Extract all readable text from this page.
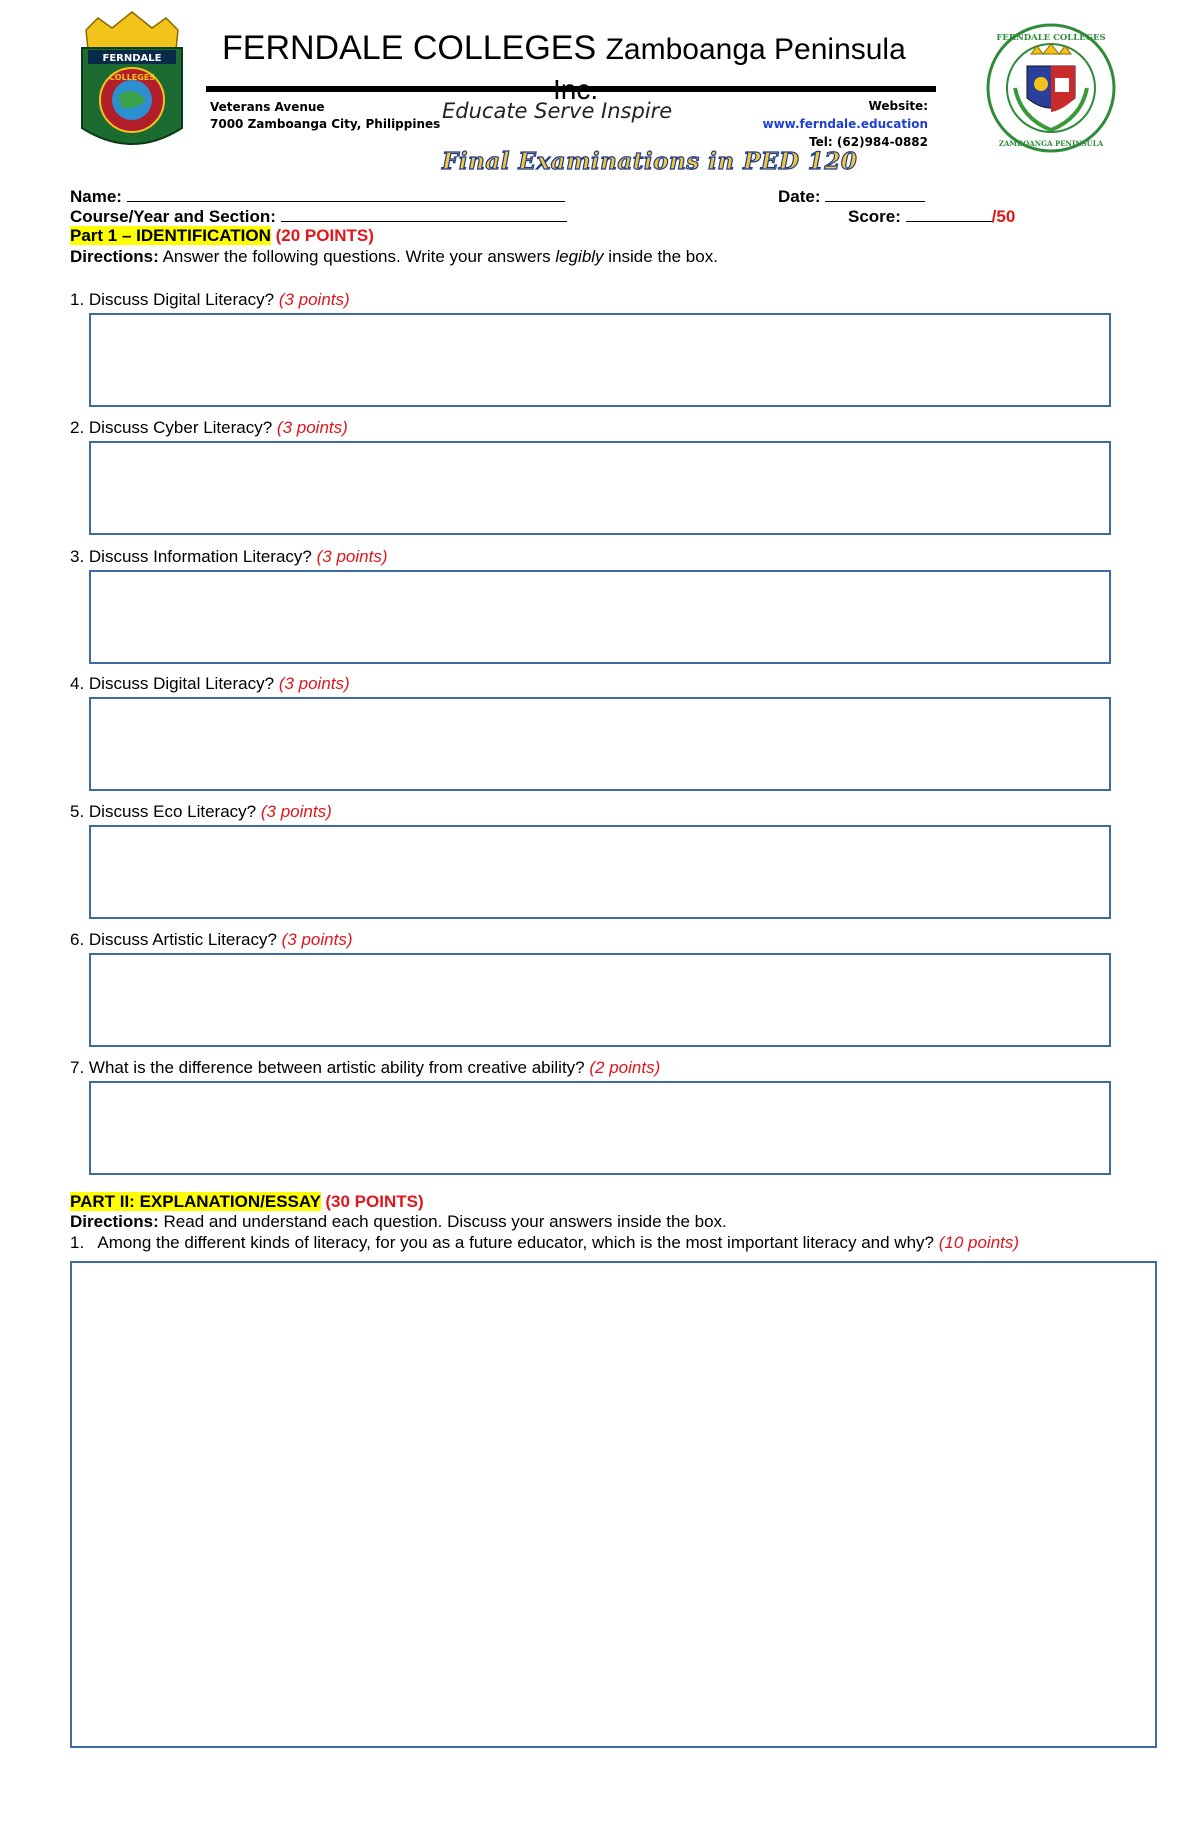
FERNDALE
COLLEGES
FERNDALE COLLEGES Zamboanga Peninsula
Veterans Avenue
7000 Zamboanga City, Philippines
Educate Serve Inspire	Website: www.ferndale.education
Tel: (62)984-0882
FERNDALE COLLEGES
ZAMBOANGA PENINSULA
Final Examinations in PED 120
Name:	Date:
Course/Year and Section:	Score:	/50
Part 1 – IDENTIFICATION (20 POINTS)
Directions: Answer the following questions. Write your answers legibly inside the box.
1. Discuss Digital Literacy? (3 points)
2. Discuss Cyber Literacy? (3 points)
3. Discuss Information Literacy? (3 points)
4. Discuss Digital Literacy? (3 points)
5. Discuss Eco Literacy? (3 points)
6. Discuss Artistic Literacy? (3 points)
7. What is the difference between artistic ability from creative ability? (2 points)
PART II: EXPLANATION/ESSAY (30 POINTS)
Directions: Read and understand each question. Discuss your answers inside the box.
1. Among the different kinds of literacy, for you as a future educator, which is the most important literacy and why? (10 points)
